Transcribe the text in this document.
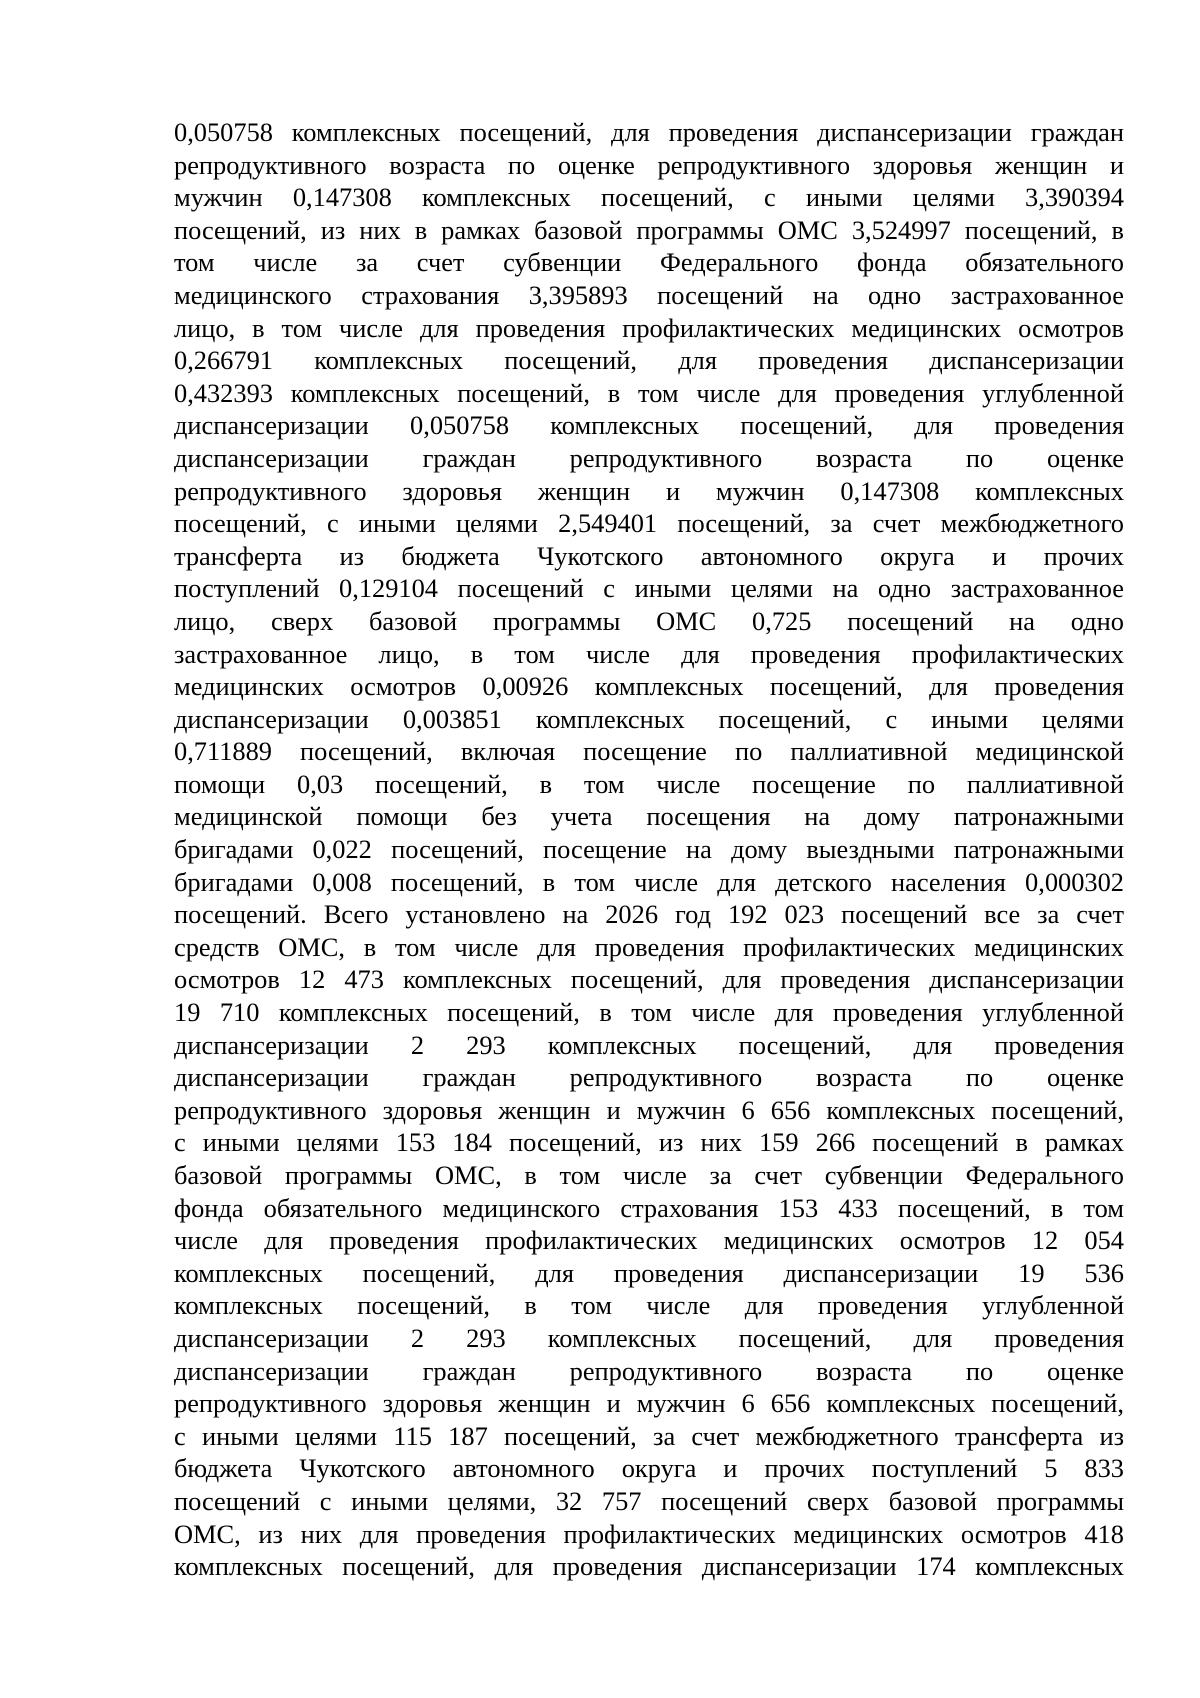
0,050758 комплексных посещений, для проведения диспансеризации граждан
репродуктивного возраста по оценке репродуктивного здоровья женщин и
мужчин 0,147308 комплексных посещений, с иными целями 3,390394
посещений, из них в рамках базовой программы ОМС 3,524997 посещений, в
том числе за счет субвенции Федерального фонда обязательного
медицинского страхования 3,395893 посещений на одно застрахованное
лицо, в том числе для проведения профилактических медицинских осмотров
0,266791 комплексных посещений, для проведения диспансеризации
0,432393 комплексных посещений, в том числе для проведения углубленной
диспансеризации 0,050758 комплексных посещений, для проведения
диспансеризации граждан репродуктивного возраста по оценке
репродуктивного здоровья женщин и мужчин 0,147308 комплексных
посещений, с иными целями 2,549401 посещений, за счет межбюджетного
трансферта из бюджета Чукотского автономного округа и прочих
поступлений 0,129104 посещений с иными целями на одно застрахованное
лицо, сверх базовой программы ОМС 0,725 посещений на одно
застрахованное лицо, в том числе для проведения профилактических
медицинских осмотров 0,00926 комплексных посещений, для проведения
диспансеризации 0,003851 комплексных посещений, с иными целями
0,711889 посещений, включая посещение по паллиативной медицинской
помощи 0,03 посещений, в том числе посещение по паллиативной
медицинской помощи без учета посещения на дому патронажными
бригадами 0,022 посещений, посещение на дому выездными патронажными
бригадами 0,008 посещений, в том числе для детского населения 0,000302
посещений. Всего установлено на 2026 год 192 023 посещений все за счет
средств ОМС, в том числе для проведения профилактических медицинских
осмотров 12 473 комплексных посещений, для проведения диспансеризации
19 710 комплексных посещений, в том числе для проведения углубленной
диспансеризации 2 293 комплексных посещений, для проведения
диспансеризации граждан репродуктивного возраста по оценке
репродуктивного здоровья женщин и мужчин 6 656 комплексных посещений,
с иными целями 153 184 посещений, из них 159 266 посещений в рамках
базовой программы ОМС, в том числе за счет субвенции Федерального
фонда обязательного медицинского страхования 153 433 посещений, в том
числе для проведения профилактических медицинских осмотров 12 054
комплексных посещений, для проведения диспансеризации 19 536
комплексных посещений, в том числе для проведения углубленной
диспансеризации 2 293 комплексных посещений, для проведения
диспансеризации граждан репродуктивного возраста по оценке
репродуктивного здоровья женщин и мужчин 6 656 комплексных посещений,
с иными целями 115 187 посещений, за счет межбюджетного трансферта из
бюджета Чукотского автономного округа и прочих поступлений 5 833
посещений с иными целями, 32 757 посещений сверх базовой программы
ОМС, из них для проведения профилактических медицинских осмотров 418
комплексных посещений, для проведения диспансеризации 174 комплексных
